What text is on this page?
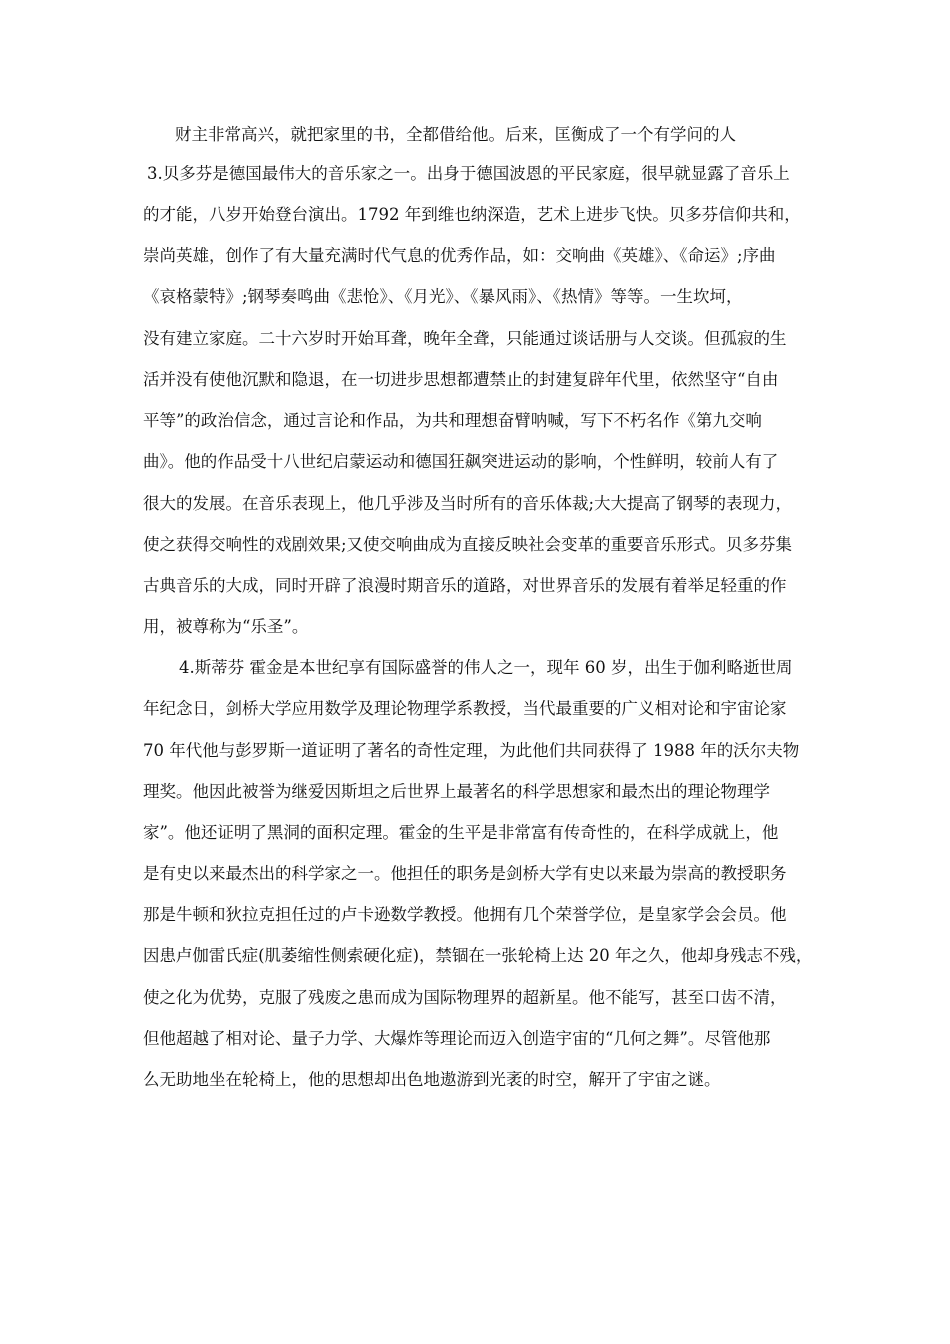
财主非常高兴，就把家里的书，全都借给他。后来，匡衡成了一个有学问的人
3.贝多芬是德国最伟大的音乐家之一。出身于德国波恩的平民家庭，很早就显露了音乐上
的才能，八岁开始登台演出。1792 年到维也纳深造，艺术上进步飞快。贝多芬信仰共和，
崇尚英雄，创作了有大量充满时代气息的优秀作品，如：交响曲《英雄》、《命运》;序曲
《哀格蒙特》;钢琴奏鸣曲《悲怆》、《月光》、《暴风雨》、《热情》等等。一生坎坷，
没有建立家庭。二十六岁时开始耳聋，晚年全聋，只能通过谈话册与人交谈。但孤寂的生
活并没有使他沉默和隐退，在一切进步思想都遭禁止的封建复辟年代里，依然坚守“自由
平等”的政治信念，通过言论和作品，为共和理想奋臂呐喊，写下不朽名作《第九交响
曲》。他的作品受十八世纪启蒙运动和德国狂飙突进运动的影响，个性鲜明，较前人有了
很大的发展。在音乐表现上，他几乎涉及当时所有的音乐体裁;大大提高了钢琴的表现力，
使之获得交响性的戏剧效果;又使交响曲成为直接反映社会变革的重要音乐形式。贝多芬集
古典音乐的大成，同时开辟了浪漫时期音乐的道路，对世界音乐的发展有着举足轻重的作
用，被尊称为“乐圣”。
4.斯蒂芬 霍金是本世纪享有国际盛誉的伟人之一，现年 60 岁，出生于伽利略逝世周
年纪念日，剑桥大学应用数学及理论物理学系教授，当代最重要的广义相对论和宇宙论家
70 年代他与彭罗斯一道证明了著名的奇性定理，为此他们共同获得了 1988 年的沃尔夫物
理奖。他因此被誉为继爱因斯坦之后世界上最著名的科学思想家和最杰出的理论物理学
家”。他还证明了黑洞的面积定理。霍金的生平是非常富有传奇性的，在科学成就上，他
是有史以来最杰出的科学家之一。他担任的职务是剑桥大学有史以来最为崇高的教授职务
那是牛顿和狄拉克担任过的卢卡逊数学教授。他拥有几个荣誉学位，是皇家学会会员。他
因患卢伽雷氏症(肌萎缩性侧索硬化症)，禁锢在一张轮椅上达 20 年之久，他却身残志不残，
使之化为优势，克服了残废之患而成为国际物理界的超新星。他不能写，甚至口齿不清，
但他超越了相对论、量子力学、大爆炸等理论而迈入创造宇宙的“几何之舞”。尽管他那
么无助地坐在轮椅上，他的思想却出色地遨游到光袤的时空，解开了宇宙之谜。
